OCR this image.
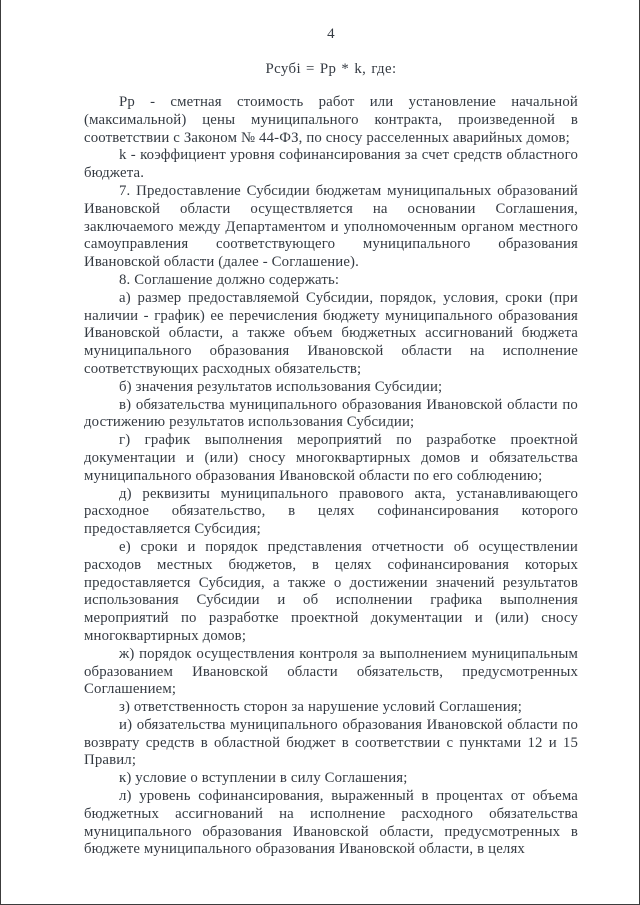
4
Рсубi = Рр * k, где:

Рр - сметная стоимость работ или установление начальной (максимальной) цены муниципального контракта, произведенной в соответствии с Законом № 44-ФЗ, по сносу расселенных аварийных домов;

k - коэффициент уровня софинансирования за счет средств областного бюджета.

7. Предоставление Субсидии бюджетам муниципальных образований Ивановской области осуществляется на основании Соглашения, заключаемого между Департаментом и уполномоченным органом местного самоуправления соответствующего муниципального образования Ивановской области (далее - Соглашение).

8. Соглашение должно содержать:

а) размер предоставляемой Субсидии, порядок, условия, сроки (при наличии - график) ее перечисления бюджету муниципального образования Ивановской области, а также объем бюджетных ассигнований бюджета муниципального образования Ивановской области на исполнение соответствующих расходных обязательств;

б) значения результатов использования Субсидии;

в) обязательства муниципального образования Ивановской области по достижению результатов использования Субсидии;

г) график выполнения мероприятий по разработке проектной документации и (или) сносу многоквартирных домов и обязательства муниципального образования Ивановской области по его соблюдению;

д) реквизиты муниципального правового акта, устанавливающего расходное обязательство, в целях софинансирования которого предоставляется Субсидия;

е) сроки и порядок представления отчетности об осуществлении расходов местных бюджетов, в целях софинансирования которых предоставляется Субсидия, а также о достижении значений результатов использования Субсидии и об исполнении графика выполнения мероприятий по разработке проектной документации и (или) сносу многоквартирных домов;

ж) порядок осуществления контроля за выполнением муниципальным образованием Ивановской области обязательств, предусмотренных Соглашением;

з) ответственность сторон за нарушение условий Соглашения;

и) обязательства муниципального образования Ивановской области по возврату средств в областной бюджет в соответствии с пунктами 12 и 15 Правил;

к) условие о вступлении в силу Соглашения;

л) уровень софинансирования, выраженный в процентах от объема бюджетных ассигнований на исполнение расходного обязательства муниципального образования Ивановской области, предусмотренных в бюджете муниципального образования Ивановской области, в целях
